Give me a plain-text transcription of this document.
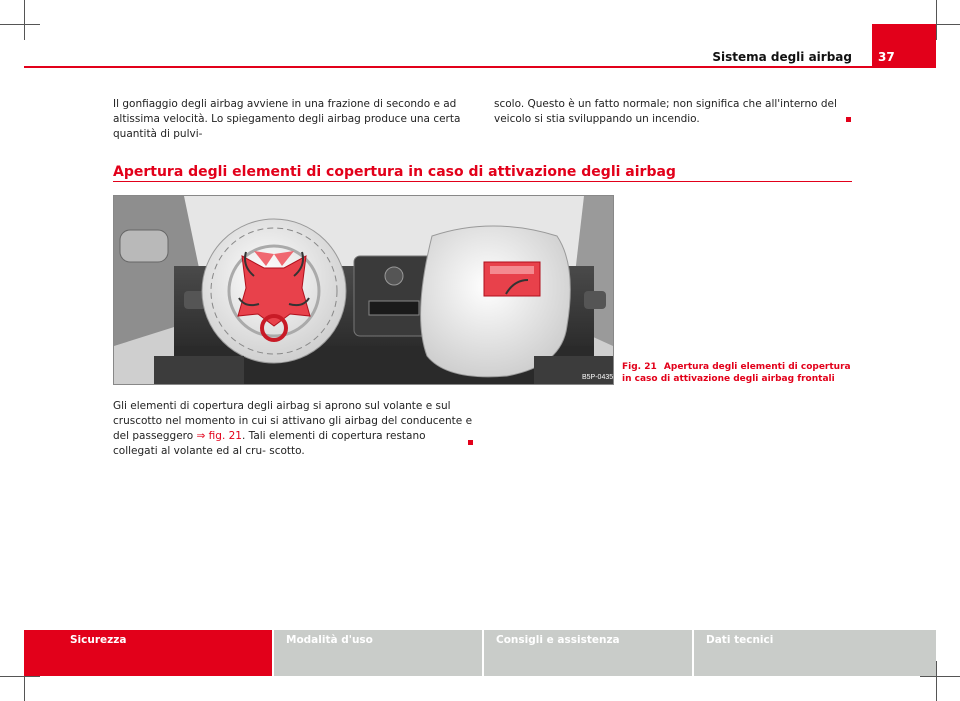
Sistema degli airbag 37

Il gonfiaggio degli airbag avviene in una frazione di secondo e ad altissima velocità. Lo spiegamento degli airbag produce una certa quantità di pulvi-

scolo. Questo è un fatto normale; non significa che all'interno del veicolo si stia sviluppando un incendio.

Apertura degli elementi di copertura in caso di attivazione degli airbag
B5P-0435
Fig. 21 Apertura degli elementi di copertura in caso di attivazione degli airbag frontali

Gli elementi di copertura degli airbag si aprono sul volante e sul cruscotto nel momento in cui si attivano gli airbag del conducente e del passeggero ⇒ fig. 21. Tali elementi di copertura restano collegati al volante ed al cru- scotto.

Sicurezza	Modalità d'uso	Consigli e assistenza	Dati tecnici
